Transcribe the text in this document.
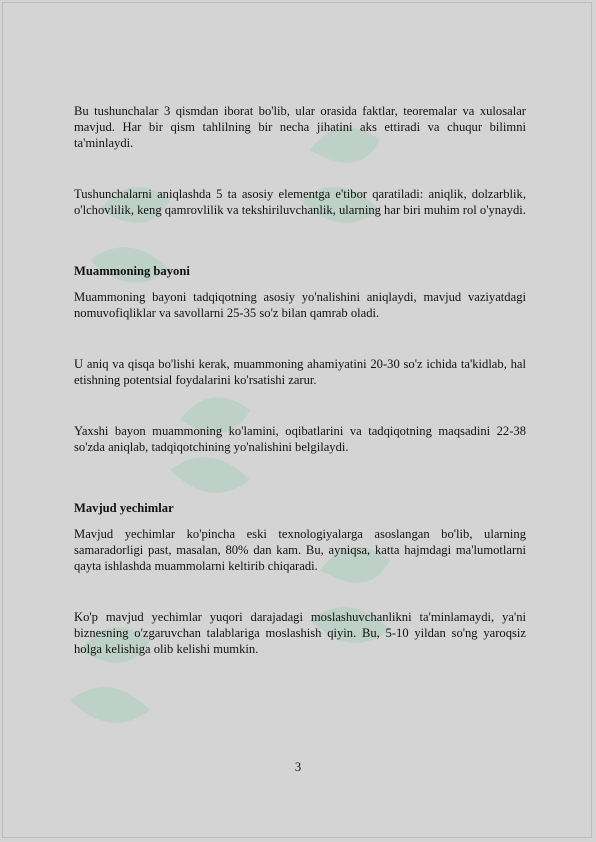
Bu tushunchalar 3 qismdan iborat bo'lib, ular orasida faktlar, teoremalar va xulosalar mavjud. Har bir qism tahlilning bir necha jihatini aks ettiradi va chuqur bilimni ta'minlaydi.

Tushunchalarni aniqlashda 5 ta asosiy elementga e'tibor qaratiladi: aniqlik, dolzarblik, o'lchovlilik, keng qamrovlilik va tekshiriluvchanlik, ularning har biri muhim rol o'ynaydi.

Muammoning bayoni

Muammoning bayoni tadqiqotning asosiy yo'nalishini aniqlaydi, mavjud vaziyatdagi nomuvofiqliklar va savollarni 25-35 so'z bilan qamrab oladi.

U aniq va qisqa bo'lishi kerak, muammoning ahamiyatini 20-30 so'z ichida ta'kidlab, hal etishning potentsial foydalarini ko'rsatishi zarur.

Yaxshi bayon muammoning ko'lamini, oqibatlarini va tadqiqotning maqsadini 22-38 so'zda aniqlab, tadqiqotchining yo'nalishini belgilaydi.

Mavjud yechimlar

Mavjud yechimlar ko'pincha eski texnologiyalarga asoslangan bo'lib, ularning samaradorligi past, masalan, 80% dan kam. Bu, ayniqsa, katta hajmdagi ma'lumotlarni qayta ishlashda muammolarni keltirib chiqaradi.

Ko'p mavjud yechimlar yuqori darajadagi moslashuvchanlikni ta'minlamaydi, ya'ni biznesning o'zgaruvchan talablariga moslashish qiyin. Bu, 5-10 yildan so'ng yaroqsiz holga kelishiga olib kelishi mumkin.

3
